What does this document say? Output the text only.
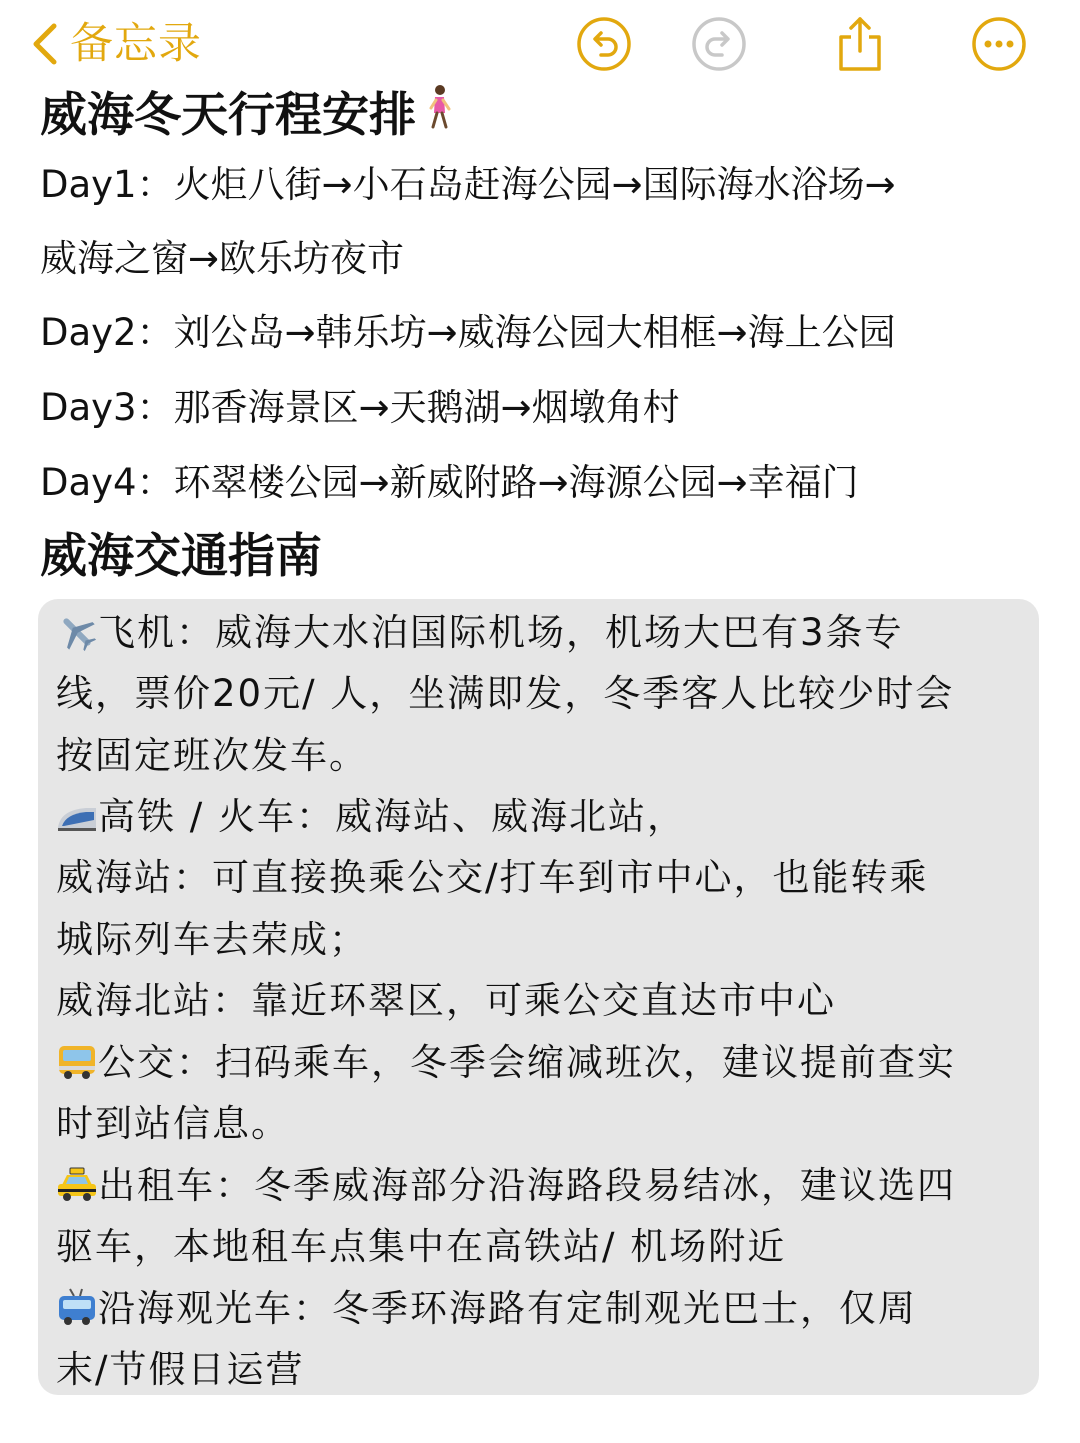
备忘录
威海冬天行程安排
Day1：火炬八街→小石岛赶海公园→国际海水浴场→
威海之窗→欧乐坊夜市
Day2：刘公岛→韩乐坊→威海公园大相框→海上公园
Day3：那香海景区→天鹅湖→烟墩角村
Day4：环翠楼公园→新威附路→海源公园→幸福门
威海交通指南
飞机：威海大水泊国际机场，机场大巴有3条专
线，票价20元/ 人，坐满即发，冬季客人比较少时会
按固定班次发车。
高铁 / 火车：威海站、威海北站，
威海站：可直接换乘公交/打车到市中心，也能转乘
城际列车去荣成；
威海北站：靠近环翠区，可乘公交直达市中心
公交：扫码乘车，冬季会缩减班次，建议提前查实
时到站信息。
出租车：冬季威海部分沿海路段易结冰，建议选四
驱车，本地租车点集中在高铁站/ 机场附近
沿海观光车：冬季环海路有定制观光巴士，仅周
末/节假日运营
